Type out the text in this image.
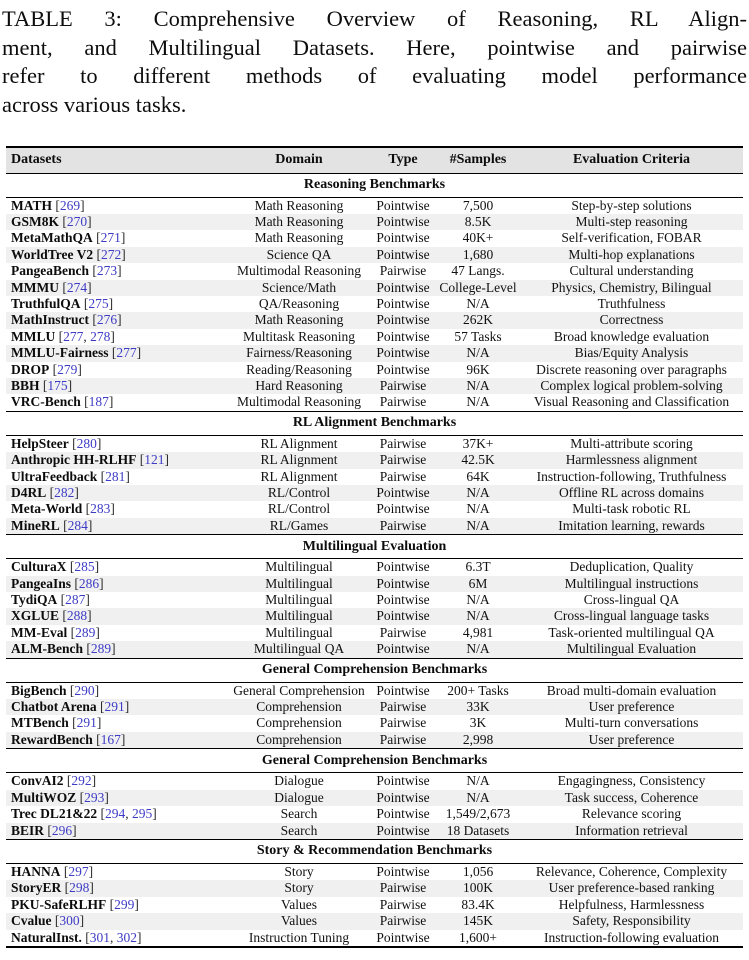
TABLE 3: Comprehensive Overview of Reasoning, RL Align-
ment, and Multilingual Datasets. Here, pointwise and pairwise
refer to different methods of evaluating model performance
across various tasks.
Datasets	Domain	Type	#Samples	Evaluation Criteria
Reasoning Benchmarks				
MATH [269]	Math Reasoning	Pointwise	7,500	Step-by-step solutions
GSM8K [270]	Math Reasoning	Pointwise	8.5K	Multi-step reasoning
MetaMathQA [271]	Math Reasoning	Pointwise	40K+	Self-verification, FOBAR
WorldTree V2 [272]	Science QA	Pointwise	1,680	Multi-hop explanations
PangeaBench [273]	Multimodal Reasoning	Pairwise	47 Langs.	Cultural understanding
MMMU [274]	Science/Math	Pointwise	College-Level	Physics, Chemistry, Bilingual
TruthfulQA [275]	QA/Reasoning	Pointwise	N/A	Truthfulness
MathInstruct [276]	Math Reasoning	Pointwise	262K	Correctness
MMLU [277, 278]	Multitask Reasoning	Pointwise	57 Tasks	Broad knowledge evaluation
MMLU-Fairness [277]	Fairness/Reasoning	Pointwise	N/A	Bias/Equity Analysis
DROP [279]	Reading/Reasoning	Pointwise	96K	Discrete reasoning over paragraphs
BBH [175]	Hard Reasoning	Pairwise	N/A	Complex logical problem-solving
VRC-Bench [187]	Multimodal Reasoning	Pairwise	N/A	Visual Reasoning and Classification
RL Alignment Benchmarks				
HelpSteer [280]	RL Alignment	Pairwise	37K+	Multi-attribute scoring
Anthropic HH-RLHF [121]	RL Alignment	Pairwise	42.5K	Harmlessness alignment
UltraFeedback [281]	RL Alignment	Pairwise	64K	Instruction-following, Truthfulness
D4RL [282]	RL/Control	Pointwise	N/A	Offline RL across domains
Meta-World [283]	RL/Control	Pointwise	N/A	Multi-task robotic RL
MineRL [284]	RL/Games	Pairwise	N/A	Imitation learning, rewards
Multilingual Evaluation				
CulturaX [285]	Multilingual	Pointwise	6.3T	Deduplication, Quality
PangeaIns [286]	Multilingual	Pointwise	6M	Multilingual instructions
TydiQA [287]	Multilingual	Pointwise	N/A	Cross-lingual QA
XGLUE [288]	Multilingual	Pointwise	N/A	Cross-lingual language tasks
MM-Eval [289]	Multilingual	Pairwise	4,981	Task-oriented multilingual QA
ALM-Bench [289]	Multilingual QA	Pointwise	N/A	Multilingual Evaluation
General Comprehension Benchmarks				
BigBench [290]	General Comprehension	Pointwise	200+ Tasks	Broad multi-domain evaluation
Chatbot Arena [291]	Comprehension	Pairwise	33K	User preference
MTBench [291]	Comprehension	Pairwise	3K	Multi-turn conversations
RewardBench [167]	Comprehension	Pairwise	2,998	User preference
General Comprehension Benchmarks				
ConvAI2 [292]	Dialogue	Pointwise	N/A	Engagingness, Consistency
MultiWOZ [293]	Dialogue	Pointwise	N/A	Task success, Coherence
Trec DL21&22 [294, 295]	Search	Pointwise	1,549/2,673	Relevance scoring
BEIR [296]	Search	Pointwise	18 Datasets	Information retrieval
Story & Recommendation Benchmarks				
HANNA [297]	Story	Pointwise	1,056	Relevance, Coherence, Complexity
StoryER [298]	Story	Pairwise	100K	User preference-based ranking
PKU-SafeRLHF [299]	Values	Pairwise	83.4K	Helpfulness, Harmlessness
Cvalue [300]	Values	Pairwise	145K	Safety, Responsibility
NaturalInst. [301, 302]	Instruction Tuning	Pointwise	1,600+	Instruction-following evaluation
